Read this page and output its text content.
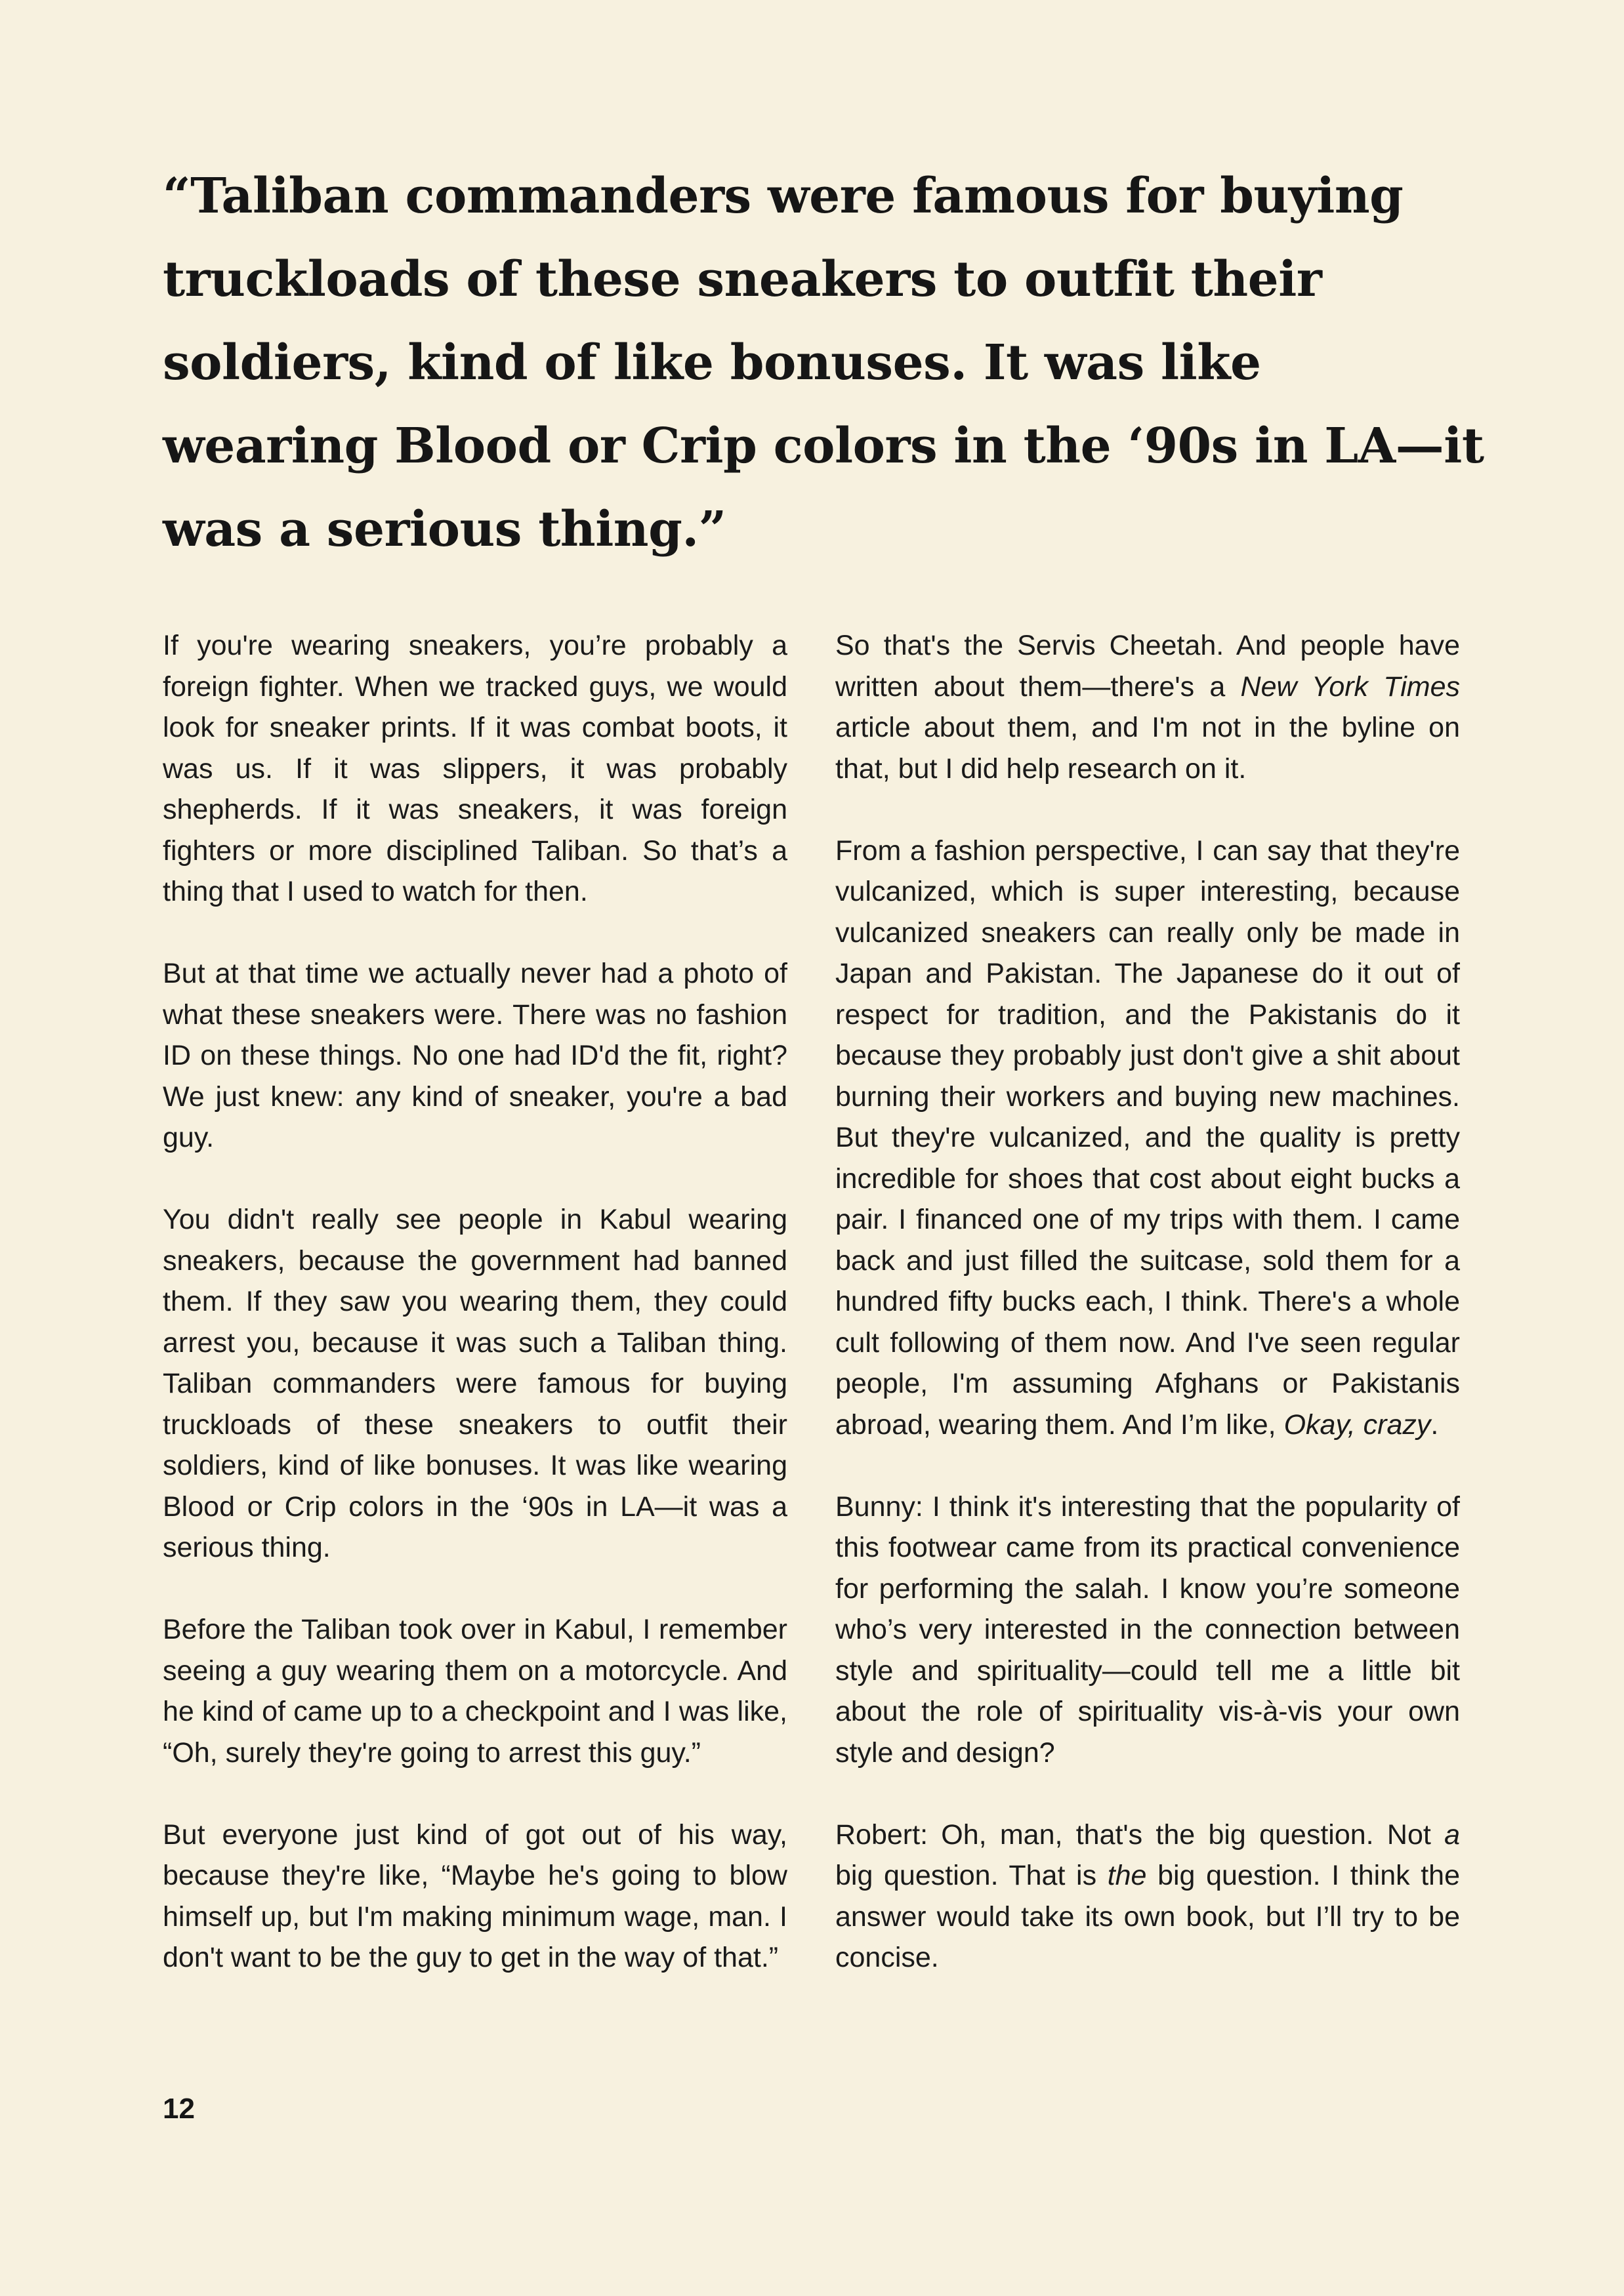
“Taliban commanders were famous for buying truckloads of these sneakers to outfit their soldiers, kind of like bonuses. It was like wearing Blood or Crip colors in the ‘90s in LA—it was a serious thing.”

If you're wearing sneakers, you’re probably a foreign fighter. When we tracked guys, we would look for sneaker prints. If it was combat boots, it was us. If it was slippers, it was probably shepherds. If it was sneakers, it was foreign fighters or more disciplined Taliban. So that’s a thing that I used to watch for then.

But at that time we actually never had a photo of what these sneakers were. There was no fashion ID on these things. No one had ID'd the fit, right? We just knew: any kind of sneaker, you're a bad guy.

You didn't really see people in Kabul wearing sneakers, because the government had banned them. If they saw you wearing them, they could arrest you, because it was such a Taliban thing. Taliban commanders were famous for buying truckloads of these sneakers to outfit their soldiers, kind of like bonuses. It was like wearing Blood or Crip colors in the ‘90s in LA—it was a serious thing.

Before the Taliban took over in Kabul, I remember seeing a guy wearing them on a motorcycle. And he kind of came up to a checkpoint and I was like, “Oh, surely they're going to arrest this guy.”

But everyone just kind of got out of his way, because they're like, “Maybe he's going to blow himself up, but I'm making minimum wage, man. I don't want to be the guy to get in the way of that.”

So that's the Servis Cheetah. And people have written about them—there's a New York Times article about them, and I'm not in the byline on that, but I did help research on it.

From a fashion perspective, I can say that they're vulcanized, which is super interesting, because vulcanized sneakers can really only be made in Japan and Pakistan. The Japanese do it out of respect for tradition, and the Pakistanis do it because they probably just don't give a shit about burning their workers and buying new machines. But they're vulcanized, and the quality is pretty incredible for shoes that cost about eight bucks a pair. I financed one of my trips with them. I came back and just filled the suitcase, sold them for a hundred fifty bucks each, I think. There's a whole cult following of them now. And I've seen regular people, I'm assuming Afghans or Pakistanis abroad, wearing them. And I’m like, Okay, crazy.

Bunny: I think it's interesting that the popularity of this footwear came from its practical convenience for performing the salah. I know you’re someone who’s very interested in the connection between style and spirituality—could tell me a little bit about the role of spirituality vis-à-vis your own style and design?

Robert: Oh, man, that's the big question. Not a big question. That is the big question. I think the answer would take its own book, but I’ll try to be concise.

12
